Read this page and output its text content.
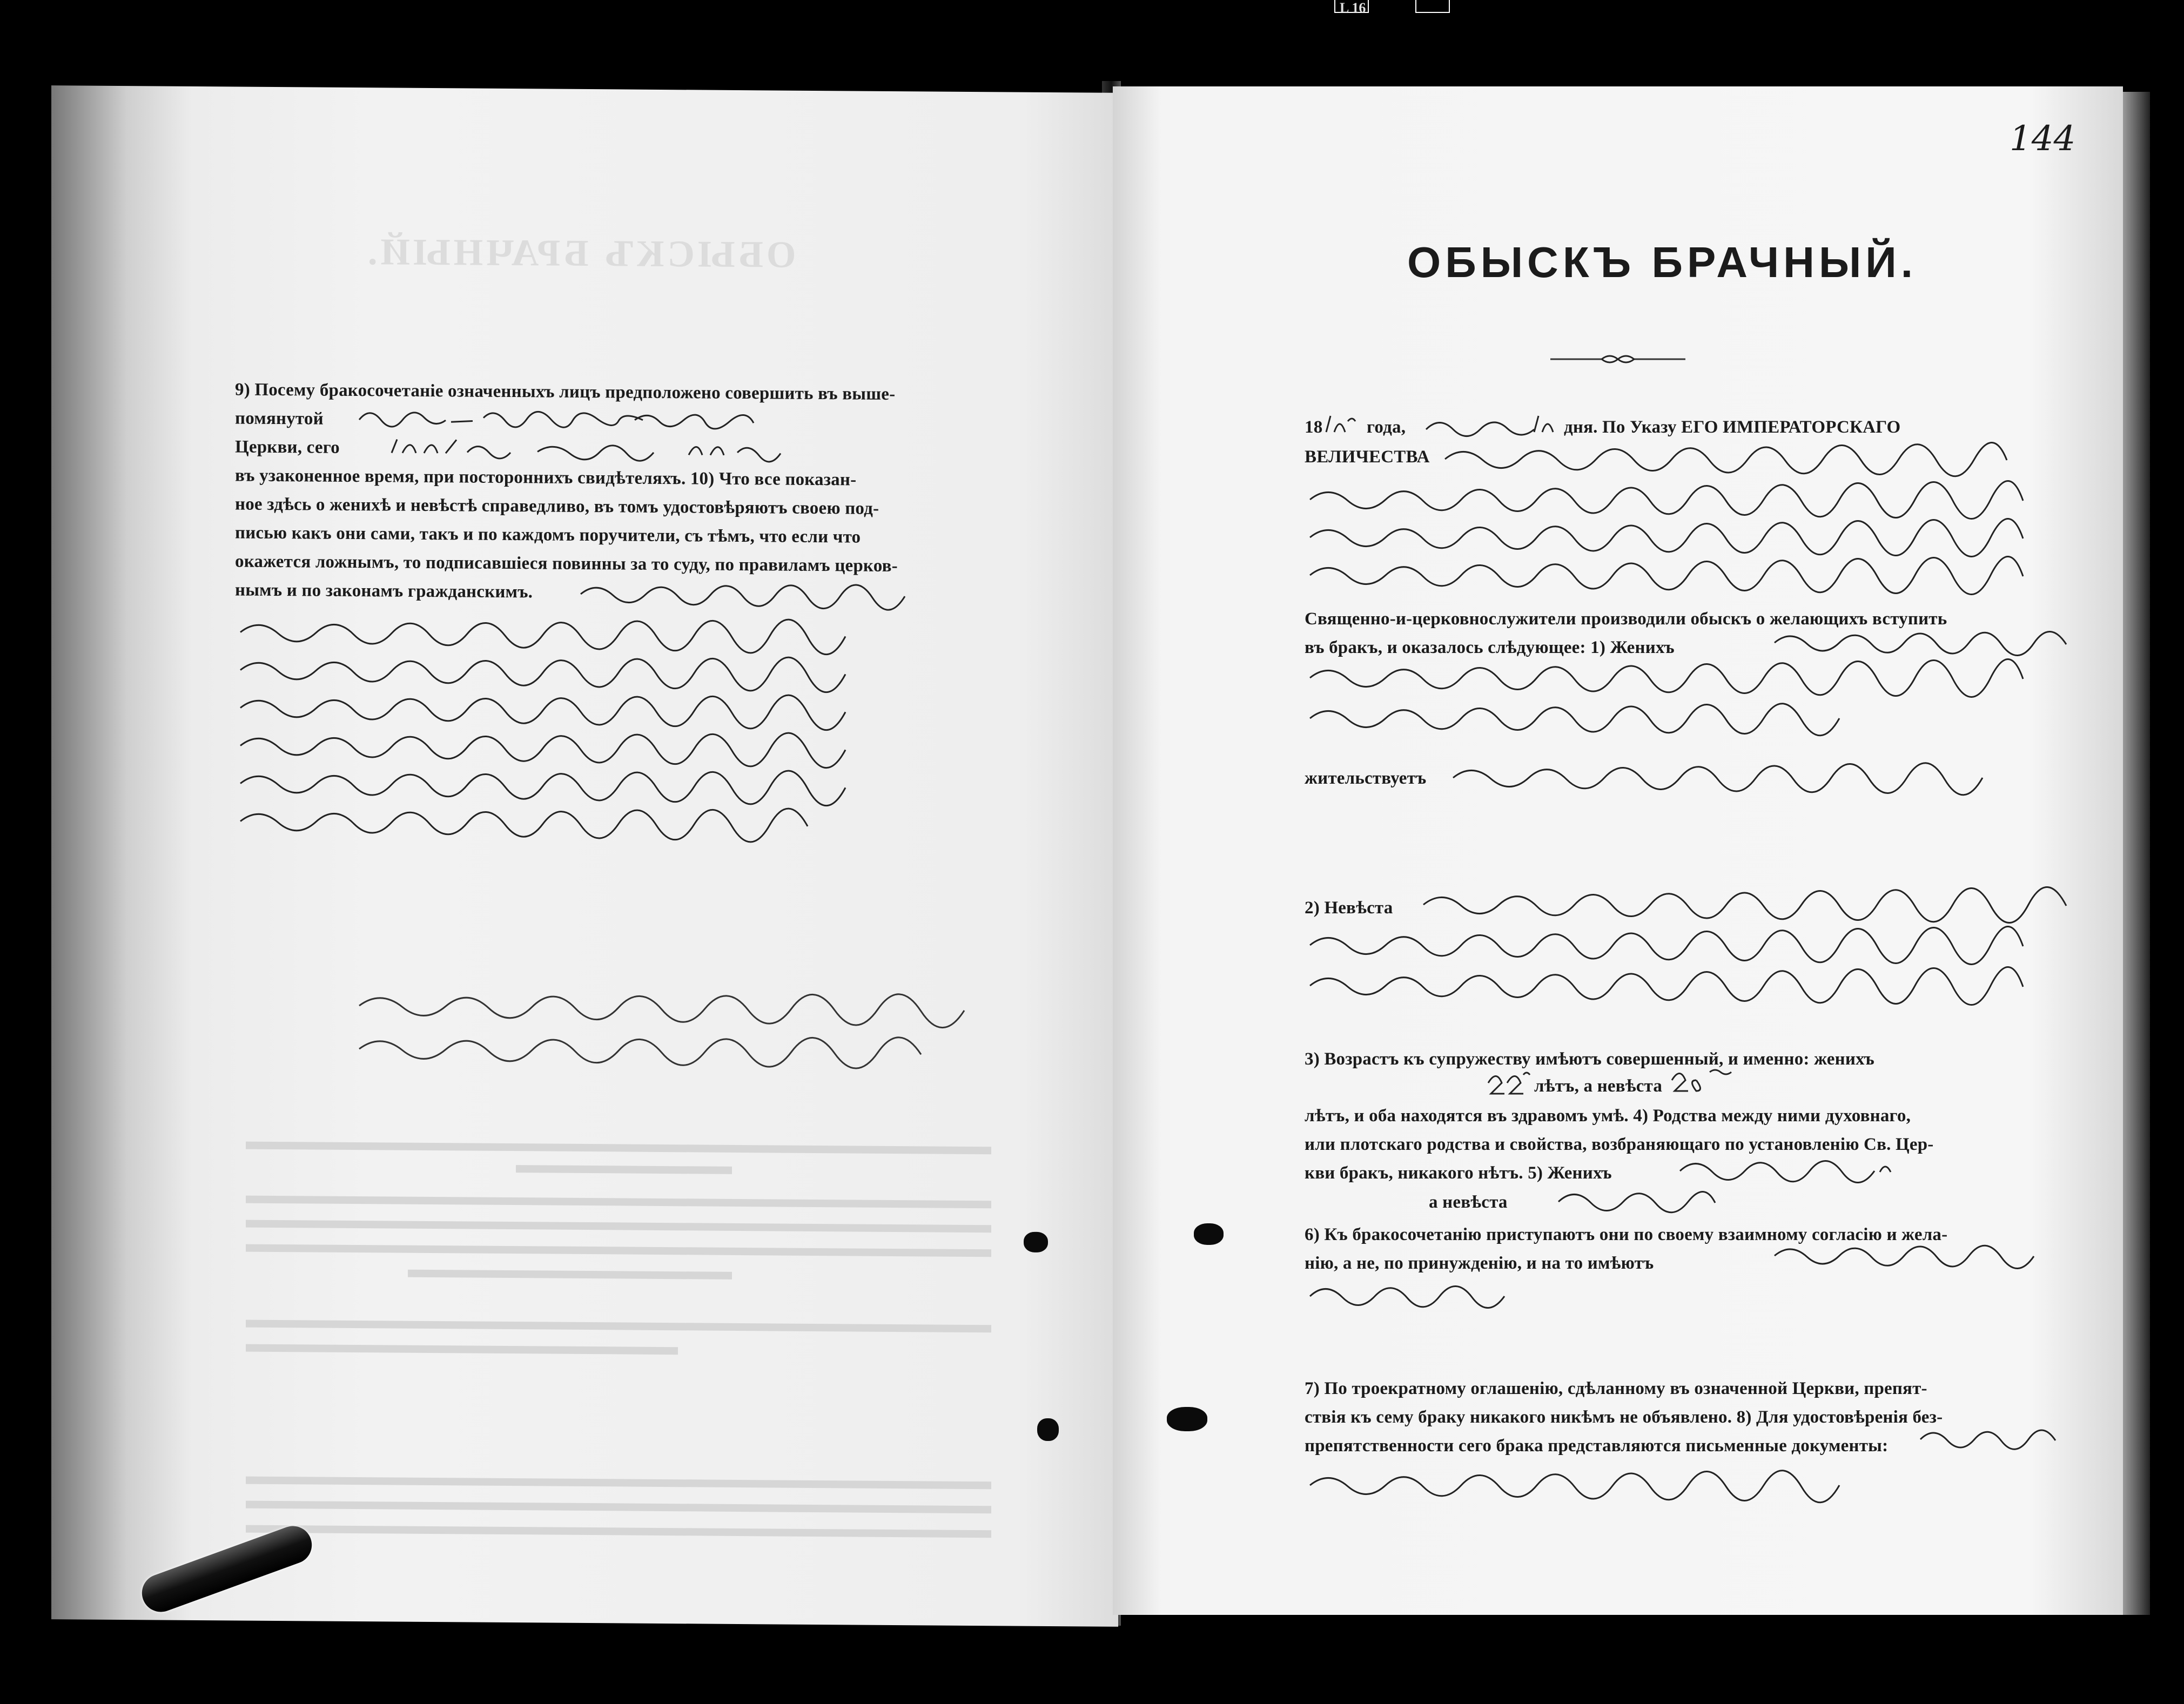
L 16
ОБЫСКЪ БРАЧНЫЙ.
9) Посему бракосочетаніе означенныхъ лицъ предположено совершить въ выше-
помянутой
Церкви, сего
въ узаконенное время, при постороннихъ свидѣтеляхъ. 10) Что все показан-
ное здѣсь о женихѣ и невѣстѣ справедливо, въ томъ удостовѣряютъ своею под-
писью какъ они сами, такъ и по каждомъ поручители, съ тѣмъ, что если что
окажется ложнымъ, то подписавшіеся повинны за то суду, по правиламъ церков-
нымъ и по законамъ гражданскимъ.
144
ОБЫСКЪ БРАЧНЫЙ.
18 года,	дня. По Указу ЕГО ИМПЕРАТОРСКАГО
ВЕЛИЧЕСТВА
Священно-и-церковнослужители производили обыскъ о желающихъ вступить
въ бракъ, и оказалось слѣдующее: 1) Женихъ
жительствуетъ
2) Невѣста
3) Возрастъ къ супружеству имѣютъ совершенный, и именно: женихъ
лѣтъ, а невѣста
лѣтъ, и оба находятся въ здравомъ умѣ. 4) Родства между ними духовнаго,
или плотскаго родства и свойства, возбраняющаго по установленію Св. Цер-
кви бракъ, никакого нѣтъ. 5) Женихъ
а невѣста
6) Къ бракосочетанію приступаютъ они по своему взаимному согласію и жела-
нію, а не, по принужденію, и на то имѣютъ
7) По троекратному оглашенію, сдѣланному въ означенной Церкви, препят-
ствія къ сему браку никакого никѣмъ не объявлено. 8) Для удостовѣренія без-
препятственности сего брака представляются письменные документы:
